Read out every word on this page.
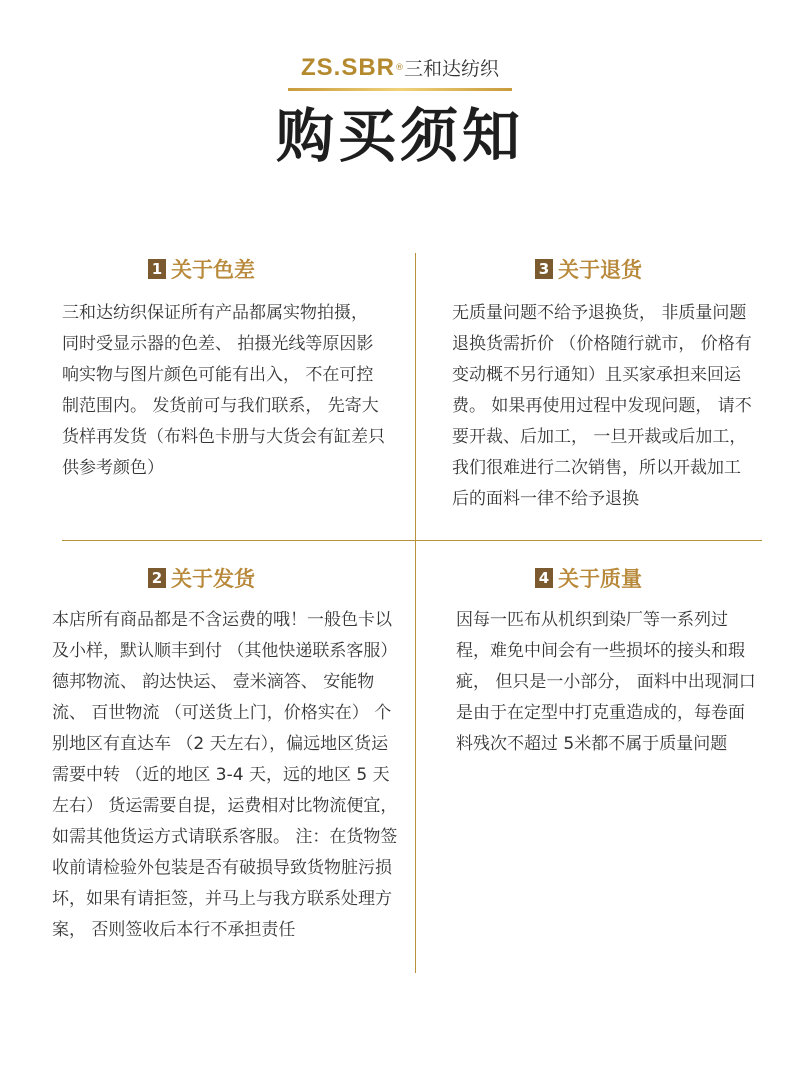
ZS.SBR®三和达纺织
购买须知
1 关于色差

三和达纺织保证所有产品都属实物拍摄， 同时受显示器的色差、 拍摄光线等原因影响实物与图片颜色可能有出入， 不在可控制范围内。 发货前可与我们联系， 先寄大货样再发货（布料色卡册与大货会有缸差只供参考颜色）

3 关于退货

无质量问题不给予退换货， 非质量问题退换货需折价 （价格随行就市， 价格有变动概不另行通知）且买家承担来回运费。 如果再使用过程中发现问题， 请不要开裁、后加工， 一旦开裁或后加工， 我们很难进行二次销售，所以开裁加工后的面料一律不给予退换

2 关于发货

本店所有商品都是不含运费的哦！一般色卡以及小样，默认顺丰到付 （其他快递联系客服） 德邦物流、 韵达快运、 壹米滴答、 安能物流、 百世物流 （可送货上门，价格实在） 个别地区有直达车 （2 天左右），偏远地区货运需要中转 （近的地区 3-4 天，远的地区 5 天左右） 货运需要自提，运费相对比物流便宜， 如需其他货运方式请联系客服。 注：在货物签收前请检验外包装是否有破损导致货物脏污损坏，如果有请拒签，并马上与我方联系处理方案， 否则签收后本行不承担责任

4 关于质量

因每一匹布从机织到染厂等一系列过程，难免中间会有一些损坏的接头和瑕疵， 但只是一小部分， 面料中出现洞口是由于在定型中打克重造成的，每卷面料残次不超过 5米都不属于质量问题
